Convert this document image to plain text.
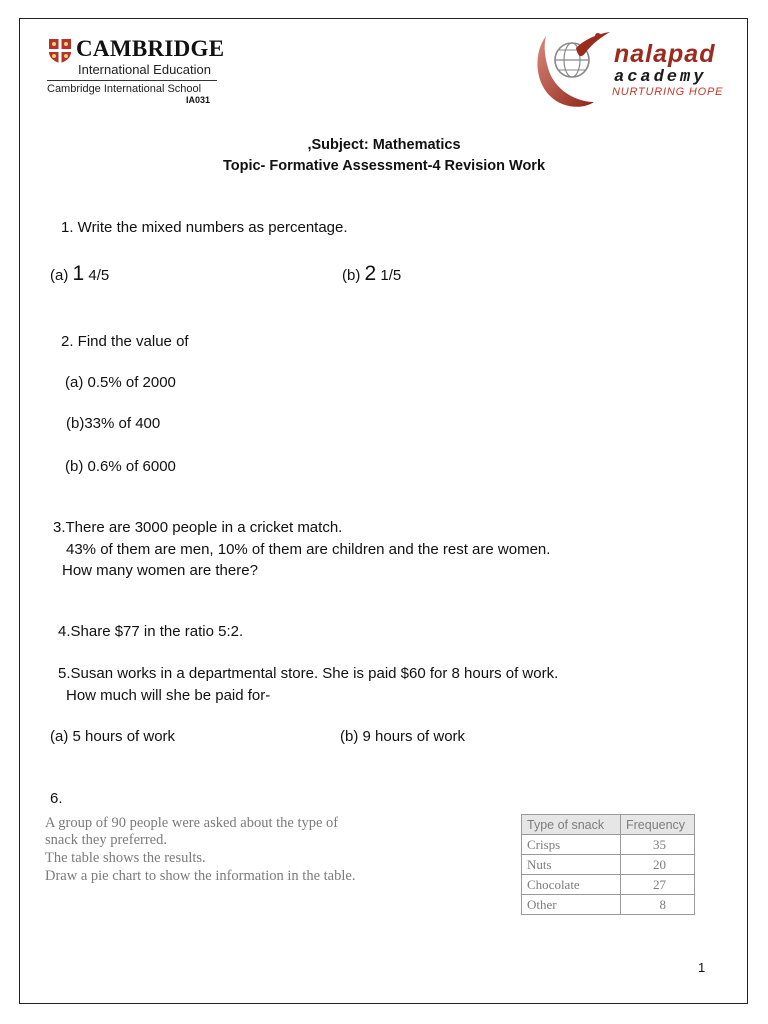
CAMBRIDGE
International Education
Cambridge International School
IA031
nalapad
academy
NURTURING HOPE
,Subject: Mathematics
Topic- Formative Assessment-4 Revision Work
1. Write the mixed numbers as percentage.
(a) 1 4/5	(b) 2 1/5
2. Find the value of
(a) 0.5% of 2000
(b)33% of 400
(b) 0.6% of 6000
3.There are 3000 people in a cricket match.
43% of them are men, 10% of them are children and the rest are women.
How many women are there?
4.Share $77 in the ratio 5:2.
5.Susan works in a departmental store. She is paid $60 for 8 hours of work.
How much will she be paid for-
(a) 5 hours of work	(b) 9 hours of work
6.
A group of 90 people were asked about the type of
snack they preferred.
The table shows the results.
Draw a pie chart to show the information in the table.
Type of snack	Frequency
Crisps	35
Nuts	20
Chocolate	27
Other	8
1
